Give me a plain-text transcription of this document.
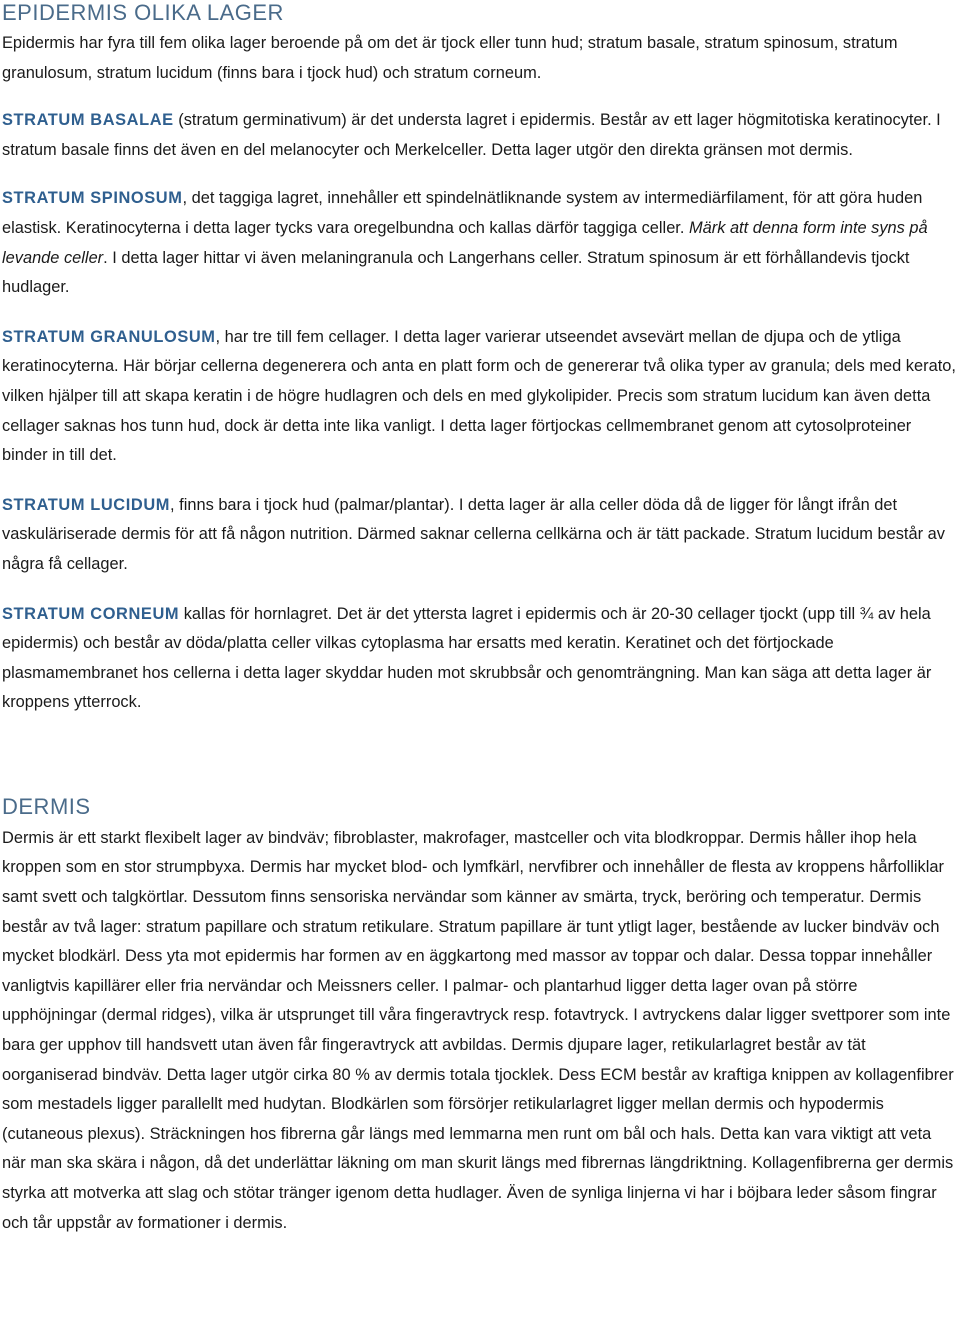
EPIDERMIS OLIKA LAGER

Epidermis har fyra till fem olika lager beroende på om det är tjock eller tunn hud; stratum basale, stratum spinosum, stratum granulosum, stratum lucidum (finns bara i tjock hud) och stratum corneum.

STRATUM BASALAE (stratum germinativum) är det understa lagret i epidermis. Består av ett lager högmitotiska keratinocyter. I stratum basale finns det även en del melanocyter och Merkelceller. Detta lager utgör den direkta gränsen mot dermis.

STRATUM SPINOSUM, det taggiga lagret, innehåller ett spindelnätliknande system av intermediärfilament, för att göra huden elastisk. Keratinocyterna i detta lager tycks vara oregelbundna och kallas därför taggiga celler. Märk att denna form inte syns på levande celler. I detta lager hittar vi även melaningranula och Langerhans celler. Stratum spinosum är ett förhållandevis tjockt hudlager.

STRATUM GRANULOSUM, har tre till fem cellager. I detta lager varierar utseendet avsevärt mellan de djupa och de ytliga keratinocyterna. Här börjar cellerna degenerera och anta en platt form och de genererar två olika typer av granula; dels med kerato, vilken hjälper till att skapa keratin i de högre hudlagren och dels en med glykolipider. Precis som stratum lucidum kan även detta cellager saknas hos tunn hud, dock är detta inte lika vanligt. I detta lager förtjockas cellmembranet genom att cytosolproteiner binder in till det.

STRATUM LUCIDUM, finns bara i tjock hud (palmar/plantar). I detta lager är alla celler döda då de ligger för långt ifrån det vaskuläriserade dermis för att få någon nutrition. Därmed saknar cellerna cellkärna och är tätt packade. Stratum lucidum består av några få cellager.

STRATUM CORNEUM kallas för hornlagret. Det är det yttersta lagret i epidermis och är 20-30 cellager tjockt (upp till ¾ av hela epidermis) och består av döda/platta celler vilkas cytoplasma har ersatts med keratin. Keratinet och det förtjockade plasmamembranet hos cellerna i detta lager skyddar huden mot skrubbsår och genomträngning. Man kan säga att detta lager är kroppens ytterrock.

DERMIS

Dermis är ett starkt flexibelt lager av bindväv; fibroblaster, makrofager, mastceller och vita blodkroppar. Dermis håller ihop hela kroppen som en stor strumpbyxa. Dermis har mycket blod- och lymfkärl, nervfibrer och innehåller de flesta av kroppens hårfolliklar samt svett och talgkörtlar. Dessutom finns sensoriska nervändar som känner av smärta, tryck, beröring och temperatur. Dermis består av två lager: stratum papillare och stratum retikulare. Stratum papillare är tunt ytligt lager, bestående av lucker bindväv och mycket blodkärl. Dess yta mot epidermis har formen av en äggkartong med massor av toppar och dalar. Dessa toppar innehåller vanligtvis kapillärer eller fria nervändar och Meissners celler. I palmar- och plantarhud ligger detta lager ovan på större upphöjningar (dermal ridges), vilka är utsprunget till våra fingeravtryck resp. fotavtryck. I avtryckens dalar ligger svettporer som inte bara ger upphov till handsvett utan även får fingeravtryck att avbildas. Dermis djupare lager, retikularlagret består av tät oorganiserad bindväv. Detta lager utgör cirka 80 % av dermis totala tjocklek. Dess ECM består av kraftiga knippen av kollagenfibrer som mestadels ligger parallellt med hudytan. Blodkärlen som försörjer retikularlagret ligger mellan dermis och hypodermis (cutaneous plexus). Sträckningen hos fibrerna går längs med lemmarna men runt om bål och hals. Detta kan vara viktigt att veta när man ska skära i någon, då det underlättar läkning om man skurit längs med fibrernas längdriktning. Kollagenfibrerna ger dermis styrka att motverka att slag och stötar tränger igenom detta hudlager. Även de synliga linjerna vi har i böjbara leder såsom fingrar och tår uppstår av formationer i dermis.
